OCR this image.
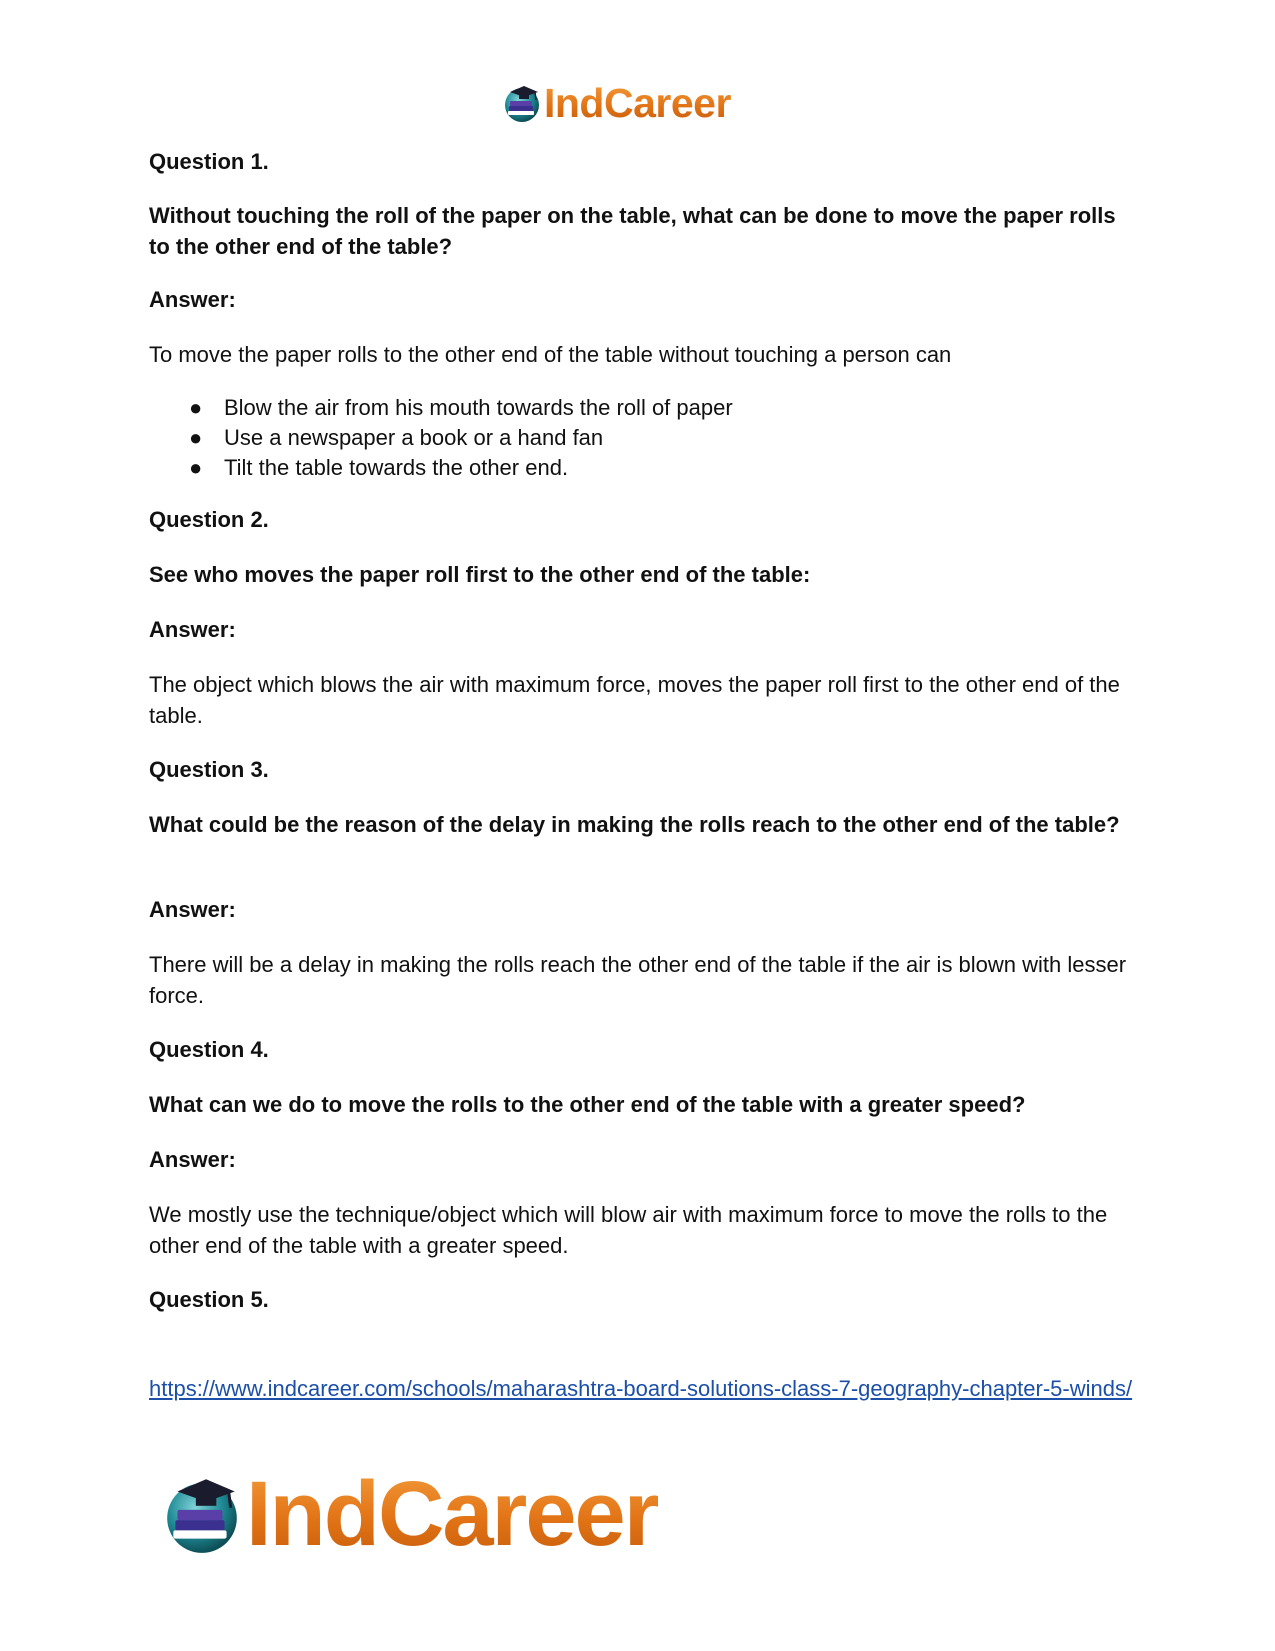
IndCareer

Question 1.

Without touching the roll of the paper on the table, what can be done to move the paper rolls to the other end of the table?

Answer:

To move the paper rolls to the other end of the table without touching a person can

● Blow the air from his mouth towards the roll of paper
● Use a newspaper a book or a hand fan
● Tilt the table towards the other end.

Question 2.

See who moves the paper roll first to the other end of the table:

Answer:

The object which blows the air with maximum force, moves the paper roll first to the other end of the table.

Question 3.

What could be the reason of the delay in making the rolls reach to the other end of the table?

Answer:

There will be a delay in making the rolls reach the other end of the table if the air is blown with lesser force.

Question 4.

What can we do to move the rolls to the other end of the table with a greater speed?

Answer:

We mostly use the technique/object which will blow air with maximum force to move the rolls to the other end of the table with a greater speed.

Question 5.

https://www.indcareer.com/schools/maharashtra-board-solutions-class-7-geography-chapter-5-winds/
IndCareer
